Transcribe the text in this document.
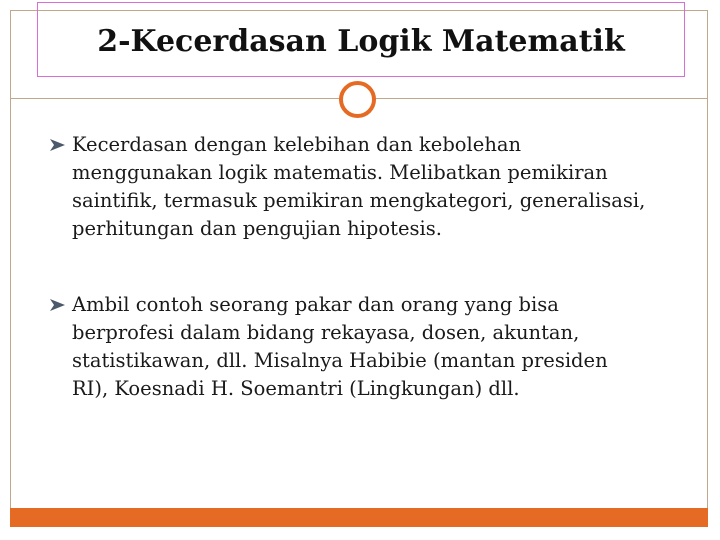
2-Kecerdasan Logik Matematik
Kecerdasan dengan kelebihan dan kebolehan menggunakan logik matematis. Melibatkan pemikiran saintifik, termasuk pemikiran mengkategori, generalisasi, perhitungan dan pengujian hipotesis.
Ambil contoh seorang pakar dan orang yang bisa berprofesi dalam bidang rekayasa, dosen, akuntan, statistikawan, dll. Misalnya Habibie (mantan presiden RI), Koesnadi H. Soemantri (Lingkungan) dll.
